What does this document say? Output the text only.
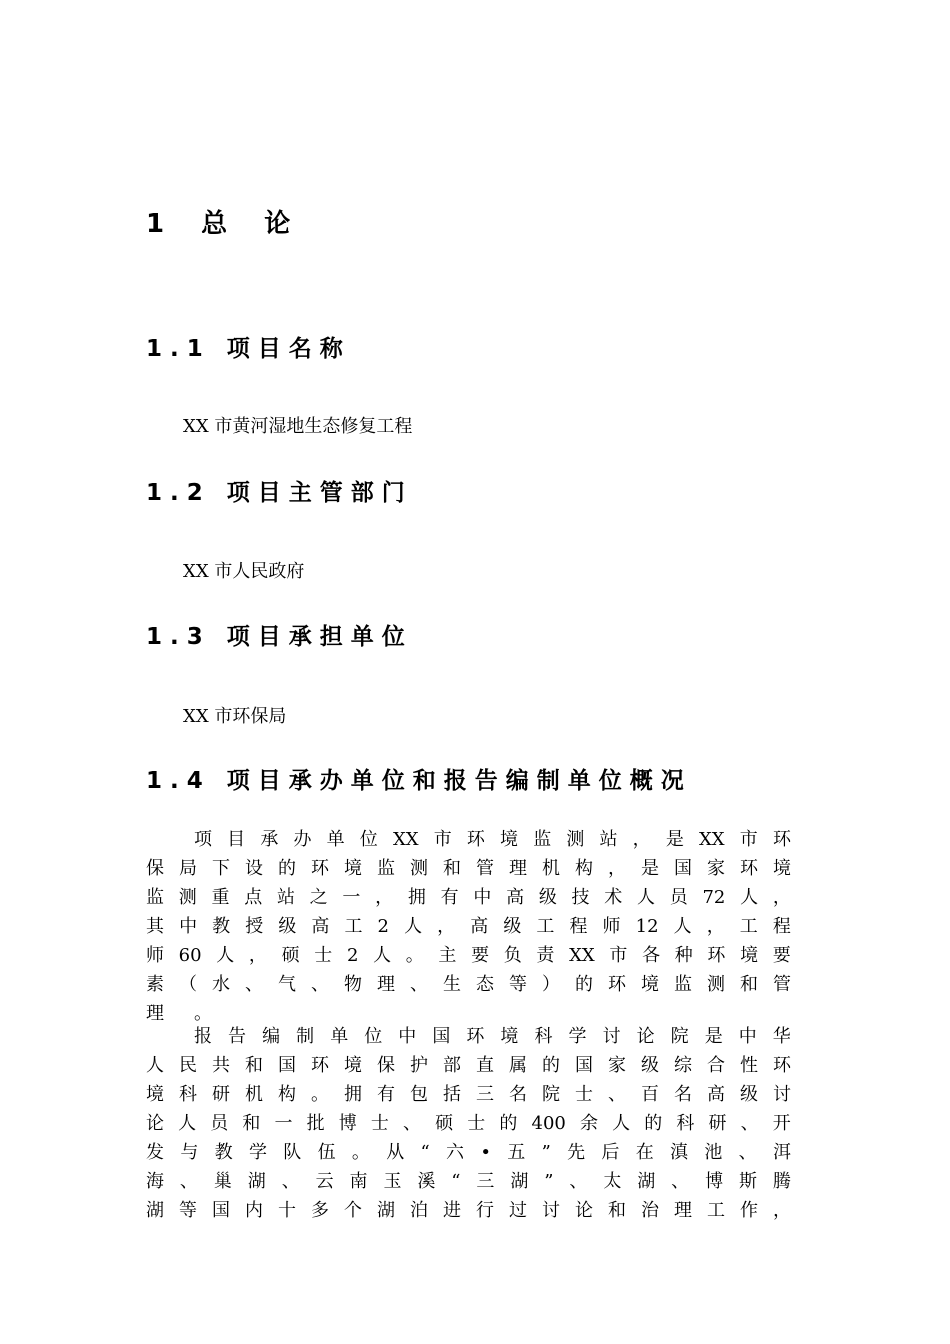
1 总 论
1.1 项目名称

XX 市黄河湿地生态修复工程

1.2 项目主管部门

XX 市人民政府

1.3 项目承担单位

XX 市环保局

1.4 项目承办单位和报告编制单位概况
项 目 承 办 单 位 XX 市 环 境 监 测 站 ， 是 XX 市 环
保 局 下 设 的 环 境 监 测 和 管 理 机 构 ， 是 国 家 环 境
监 测 重 点 站 之 一 ， 拥 有 中 高 级 技 术 人 员 72 人 ，
其 中 教 授 级 高 工 2 人 ， 高 级 工 程 师 12 人 ， 工 程
师 60 人 ， 硕 士 2 人 。 主 要 负 责 XX 市 各 种 环 境 要
素 （ 水 、 气 、 物 理 、 生 态 等 ） 的 环 境 监 测 和 管
理 。
报 告 编 制 单 位 中 国 环 境 科 学 讨 论 院 是 中 华
人 民 共 和 国 环 境 保 护 部 直 属 的 国 家 级 综 合 性 环
境 科 研 机 构 。 拥 有 包 括 三 名 院 士 、 百 名 高 级 讨
论 人 员 和 一 批 博 士 、 硕 士 的 400 余 人 的 科 研 、 开
发 与 教 学 队 伍 。 从 “ 六 • 五 ” 先 后 在 滇 池 、 洱
海 、 巢 湖 、 云 南 玉 溪 “ 三 湖 ” 、 太 湖 、 博 斯 腾
湖 等 国 内 十 多 个 湖 泊 进 行 过 讨 论 和 治 理 工 作 ，
